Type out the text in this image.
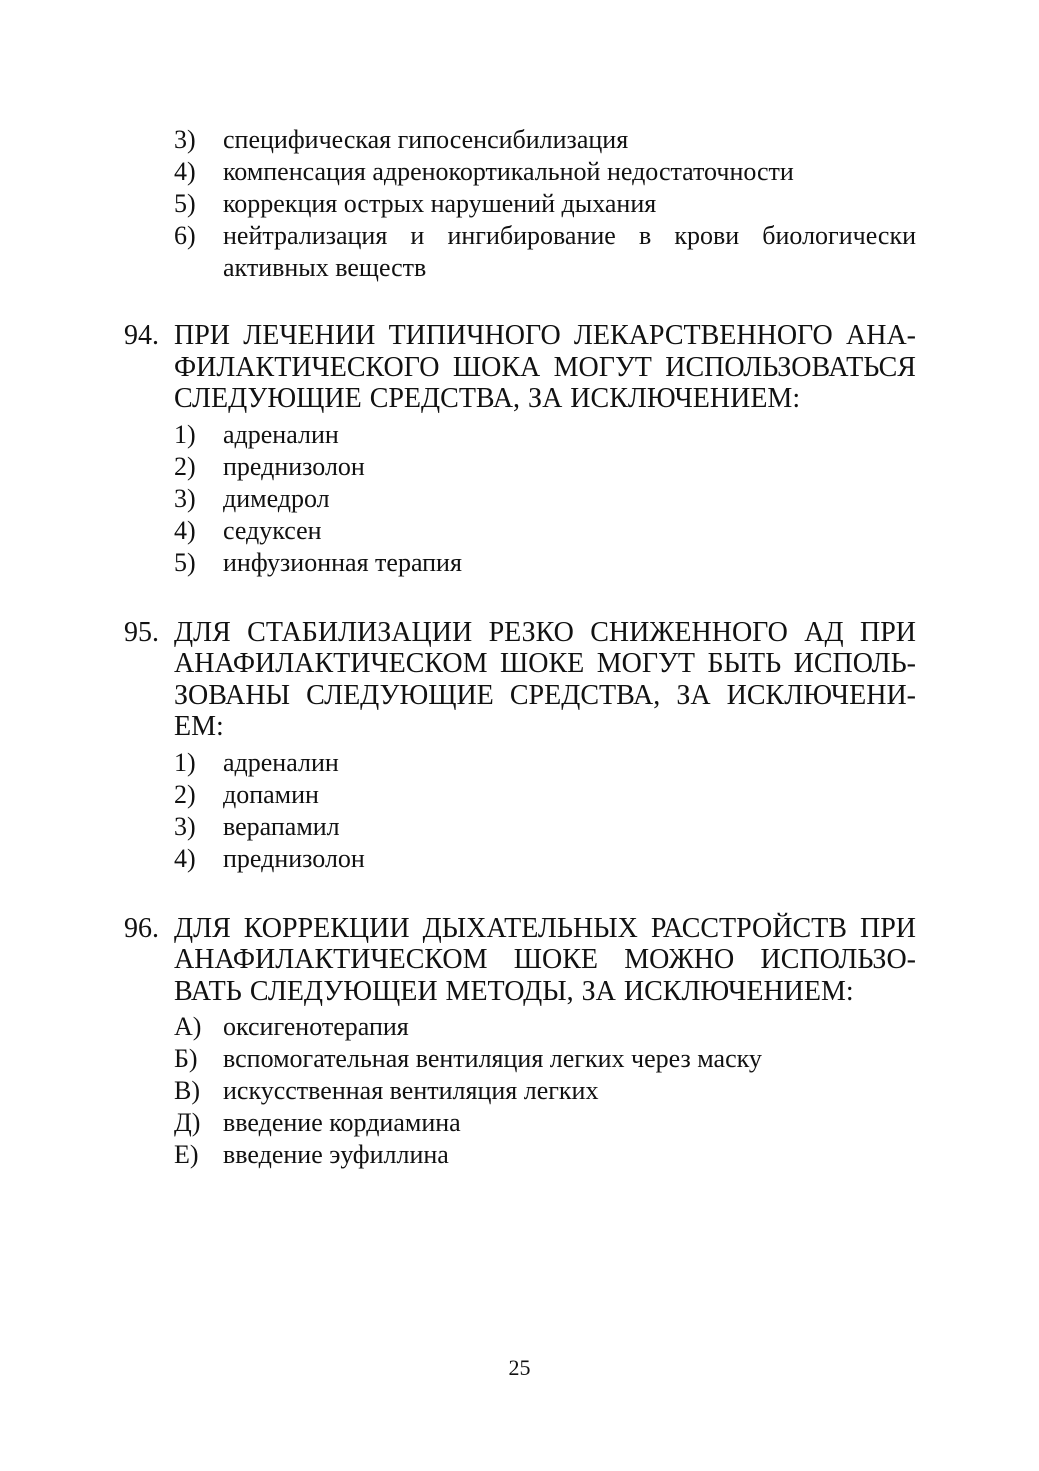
3)	специфическая гипосенсибилизация
4)	компенсация адренокортикальной недостаточности
5)	коррекция острых нарушений дыхания
6)	нейтрализация и ингибирование в крови биологически активных веществ
94. ПРИ ЛЕЧЕНИИ ТИПИЧНОГО ЛЕКАРСТВЕННОГО АНА-
ФИЛАКТИЧЕСКОГО ШОКА МОГУТ ИСПОЛЬЗОВАТЬСЯ
СЛЕДУЮЩИЕ СРЕДСТВА, ЗА ИСКЛЮЧЕНИЕМ:
1)	адреналин
2)	преднизолон
3)	димедрол
4)	седуксен
5)	инфузионная терапия
95. ДЛЯ СТАБИЛИЗАЦИИ РЕЗКО СНИЖЕННОГО АД ПРИ
АНАФИЛАКТИЧЕСКОМ ШОКЕ МОГУТ БЫТЬ ИСПОЛЬ-
ЗОВАНЫ СЛЕДУЮЩИЕ СРЕДСТВА, ЗА ИСКЛЮЧЕНИ-
ЕМ:
1)	адреналин
2)	допамин
3)	верапамил
4)	преднизолон
96. ДЛЯ КОРРЕКЦИИ ДЫХАТЕЛЬНЫХ РАССТРОЙСТВ ПРИ
АНАФИЛАКТИЧЕСКОМ ШОКЕ МОЖНО ИСПОЛЬЗО-
ВАТЬ СЛЕДУЮЩЕИ МЕТОДЫ, ЗА ИСКЛЮЧЕНИЕМ:
А) оксигенотерапия
Б) вспомогательная вентиляция легких через маску
В) искусственная вентиляция легких
Д) введение кордиамина
Е) введение эуфиллина
25
